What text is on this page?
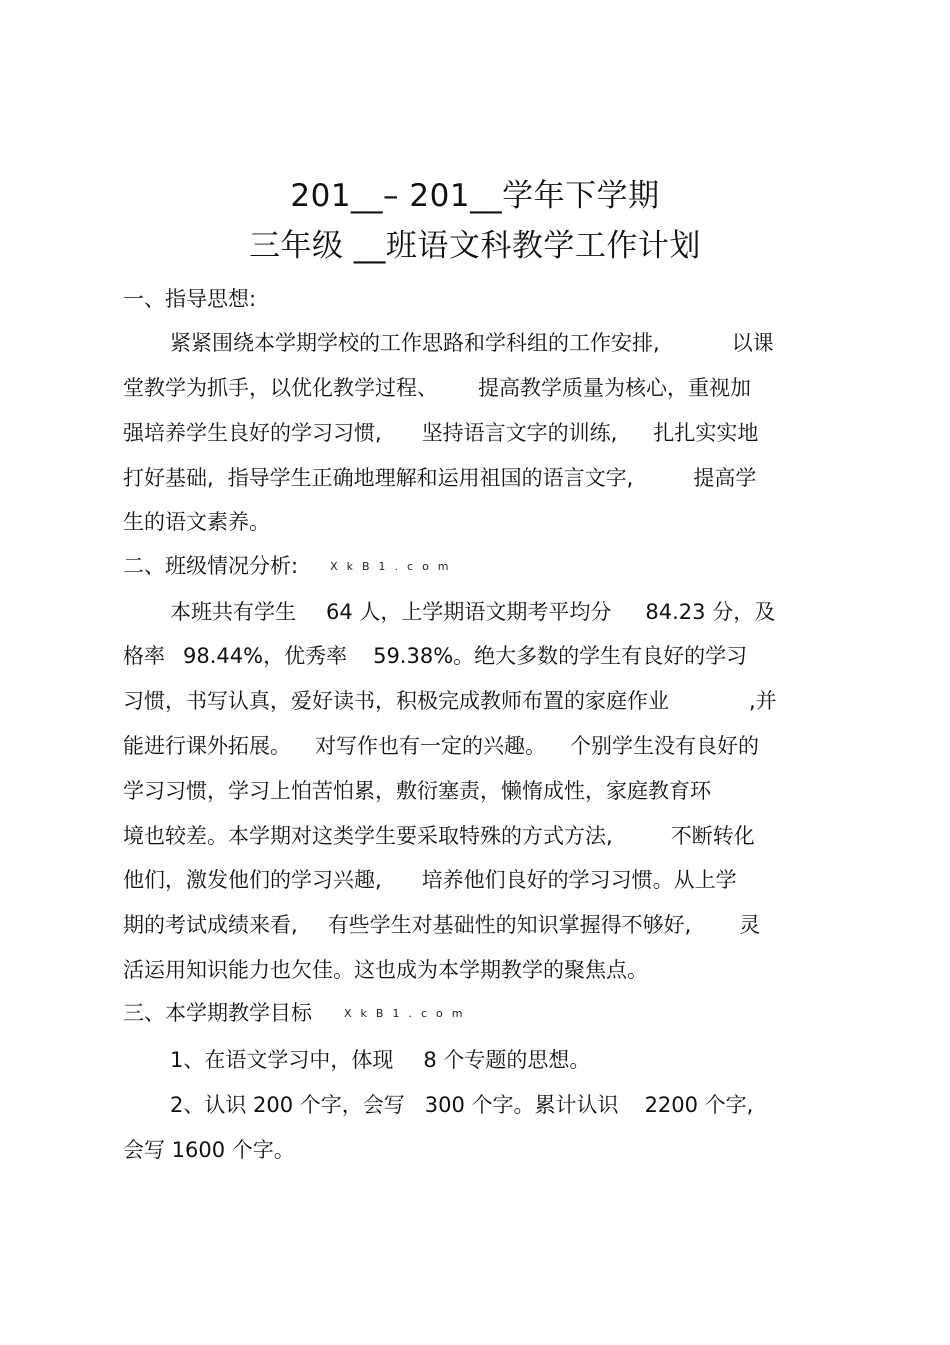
201__– 201__学年下学期
三年级 __班语文科教学工作计划
一、指导思想:
紧紧围绕本学期学校的工作思路和学科组的工作安排,	以课
堂教学为抓手，以优化教学过程、 提高教学质量为核心，重视加
强培养学生良好的学习习惯, 坚持语言文字的训练, 扎扎实实地
打好基础, 指导学生正确地理解和运用祖国的语言文字,	提高学
生的语文素养。
二、班级情况分析:	XkB1.com
本班共有学生 64 人，上学期语文期考平均分 84.23 分，及
格率 98.44%，优秀率 59.38%。绝大多数的学生有良好的学习
习惯，书写认真，爱好读书，积极完成教师布置的家庭作业	,并
能进行课外拓展。 对写作也有一定的兴趣。 个别学生没有良好的
学习习惯，学习上怕苦怕累，敷衍塞责，懒惰成性，家庭教育环
境也较差。本学期对这类学生要采取特殊的方式方法,	不断转化
他们，激发他们的学习兴趣, 培养他们良好的学习习惯。从上学
期的考试成绩来看, 有些学生对基础性的知识掌握得不够好, 灵
活运用知识能力也欠佳。这也成为本学期教学的聚焦点。
三、本学期教学目标	XkB1.com
1、在语文学习中，体现 8 个专题的思想。
2、认识 200 个字，会写 300 个字。累计认识 2200 个字,
会写 1600 个字。
